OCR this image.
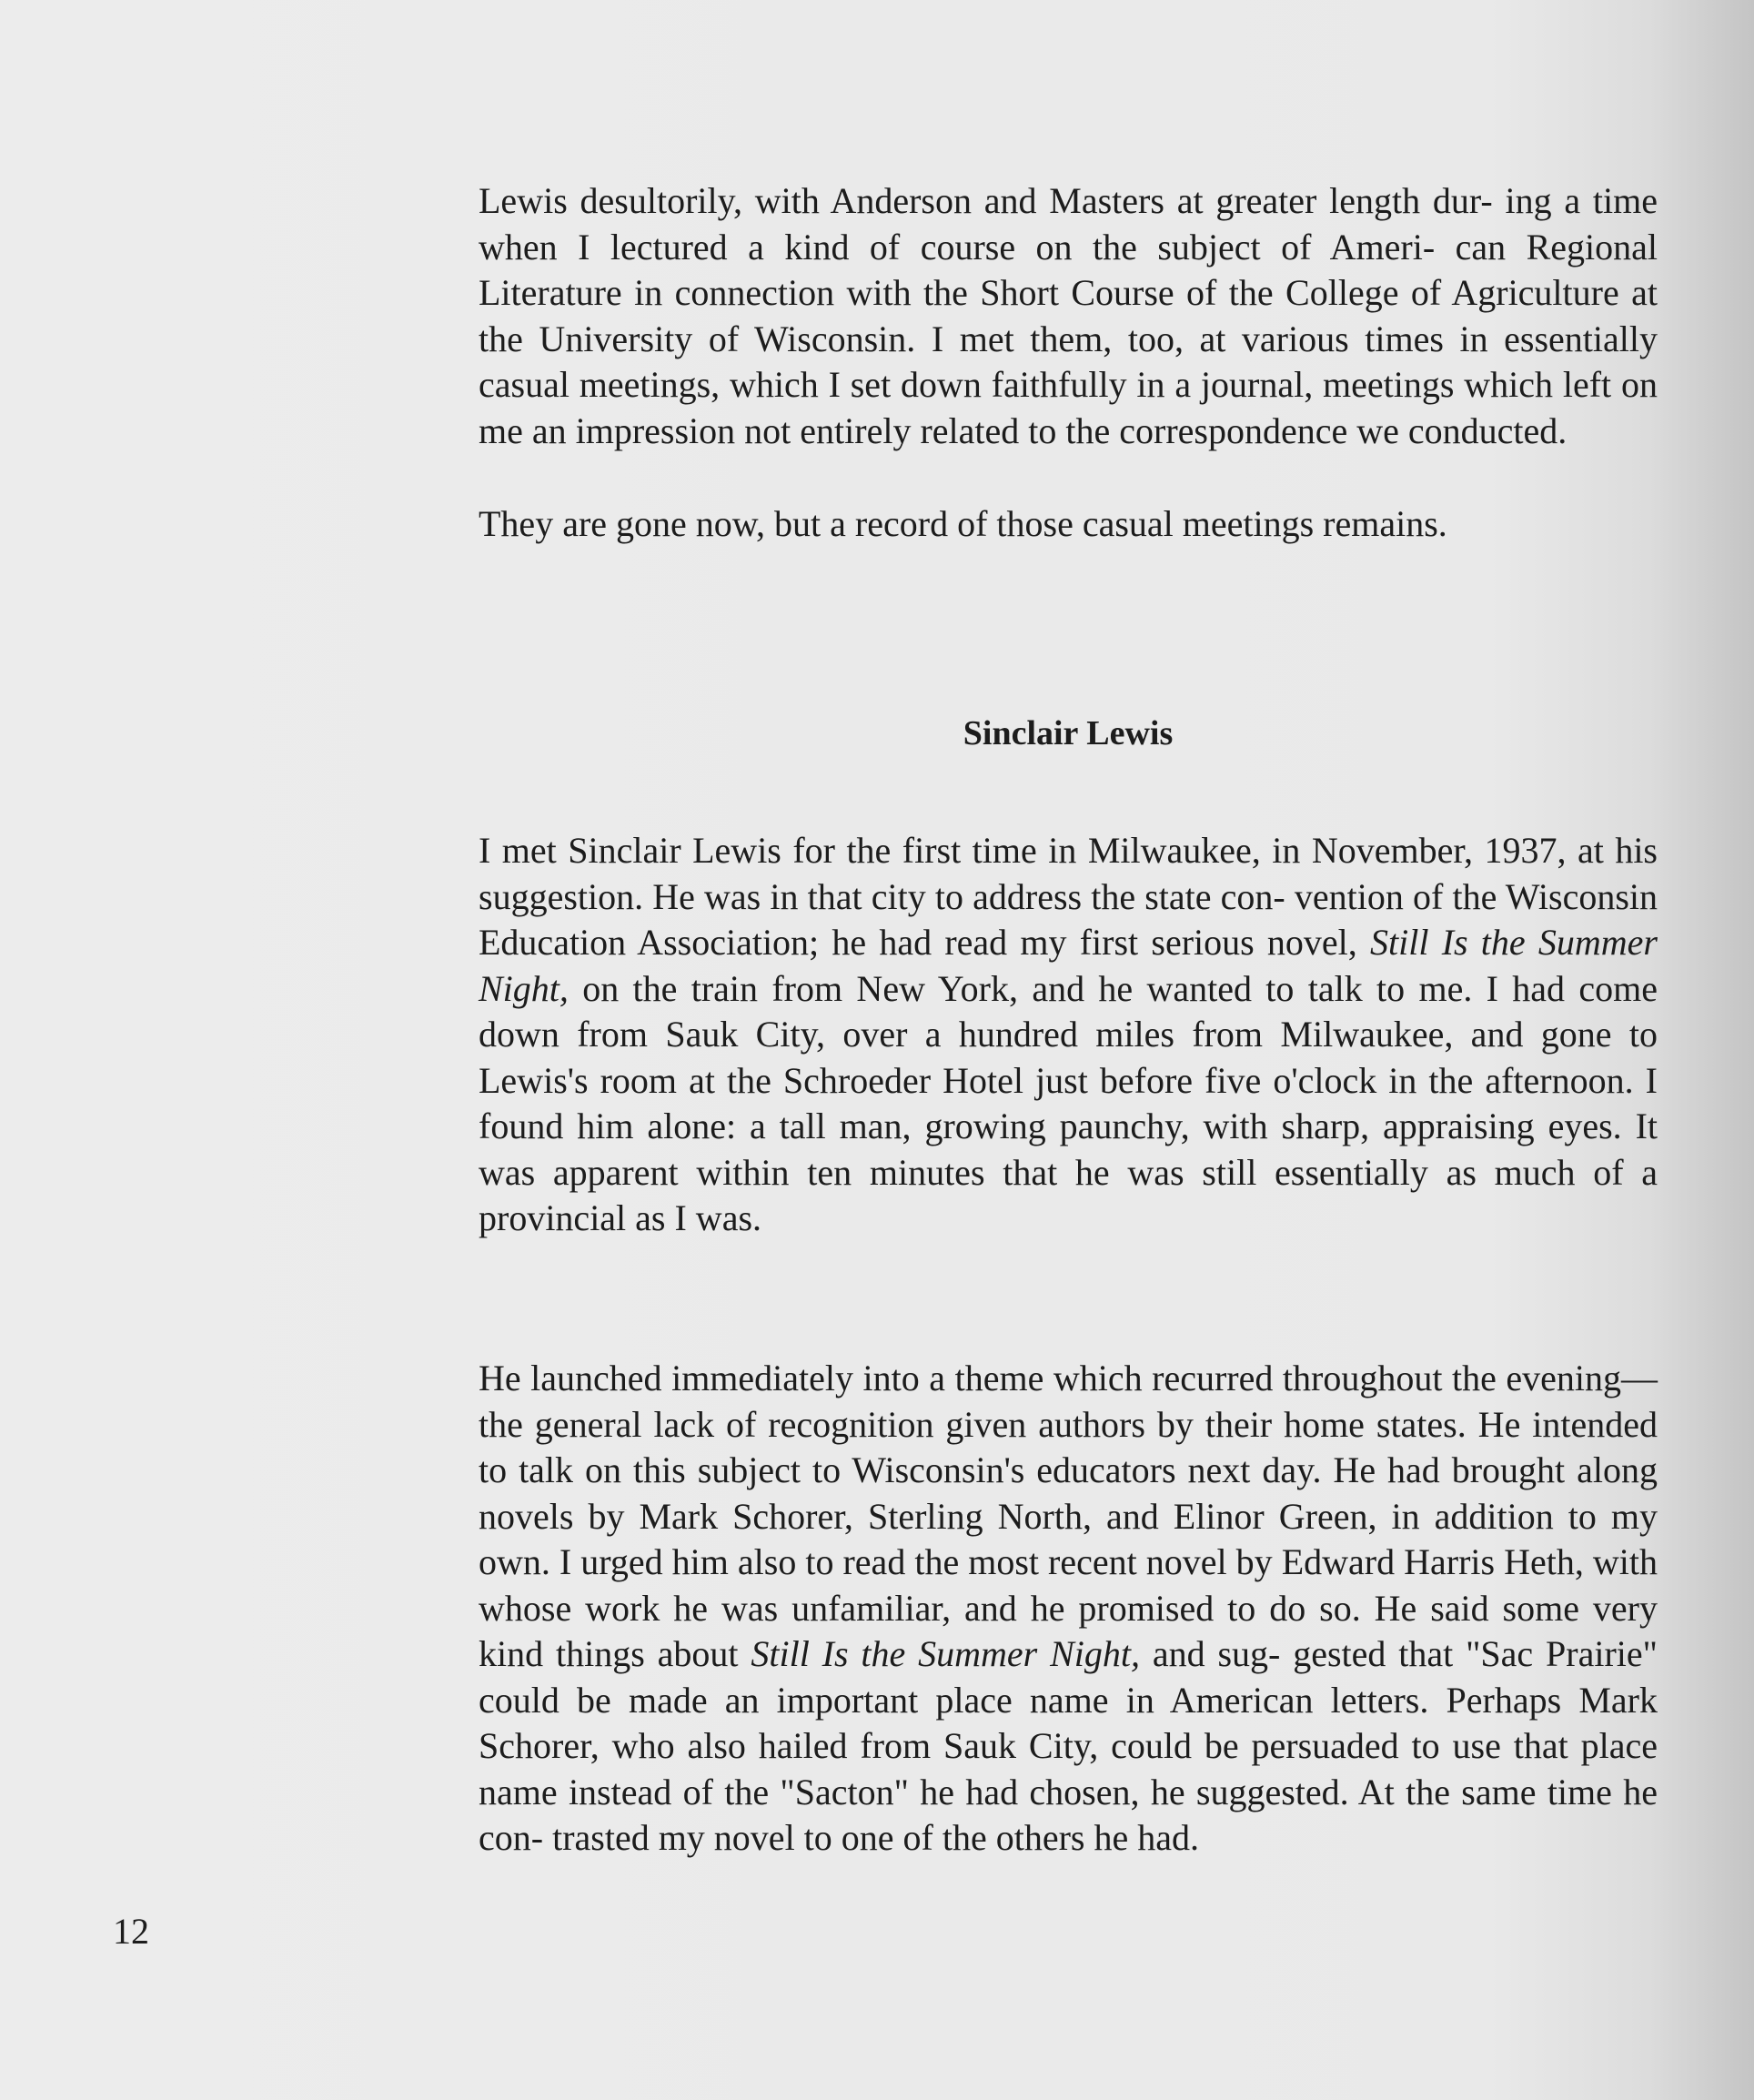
Lewis desultorily, with Anderson and Masters at greater length dur- ing a time when I lectured a kind of course on the subject of Ameri- can Regional Literature in connection with the Short Course of the College of Agriculture at the University of Wisconsin. I met them, too, at various times in essentially casual meetings, which I set down faithfully in a journal, meetings which left on me an impression not entirely related to the correspondence we conducted.

They are gone now, but a record of those casual meetings remains.

Sinclair Lewis

I met Sinclair Lewis for the first time in Milwaukee, in November, 1937, at his suggestion. He was in that city to address the state con- vention of the Wisconsin Education Association; he had read my first serious novel, Still Is the Summer Night, on the train from New York, and he wanted to talk to me. I had come down from Sauk City, over a hundred miles from Milwaukee, and gone to Lewis's room at the Schroeder Hotel just before five o'clock in the afternoon. I found him alone: a tall man, growing paunchy, with sharp, appraising eyes. It was apparent within ten minutes that he was still essentially as much of a provincial as I was.

He launched immediately into a theme which recurred throughout the evening—the general lack of recognition given authors by their home states. He intended to talk on this subject to Wisconsin's educators next day. He had brought along novels by Mark Schorer, Sterling North, and Elinor Green, in addition to my own. I urged him also to read the most recent novel by Edward Harris Heth, with whose work he was unfamiliar, and he promised to do so. He said some very kind things about Still Is the Summer Night, and sug- gested that "Sac Prairie" could be made an important place name in American letters. Perhaps Mark Schorer, who also hailed from Sauk City, could be persuaded to use that place name instead of the "Sacton" he had chosen, he suggested. At the same time he con- trasted my novel to one of the others he had.

12
